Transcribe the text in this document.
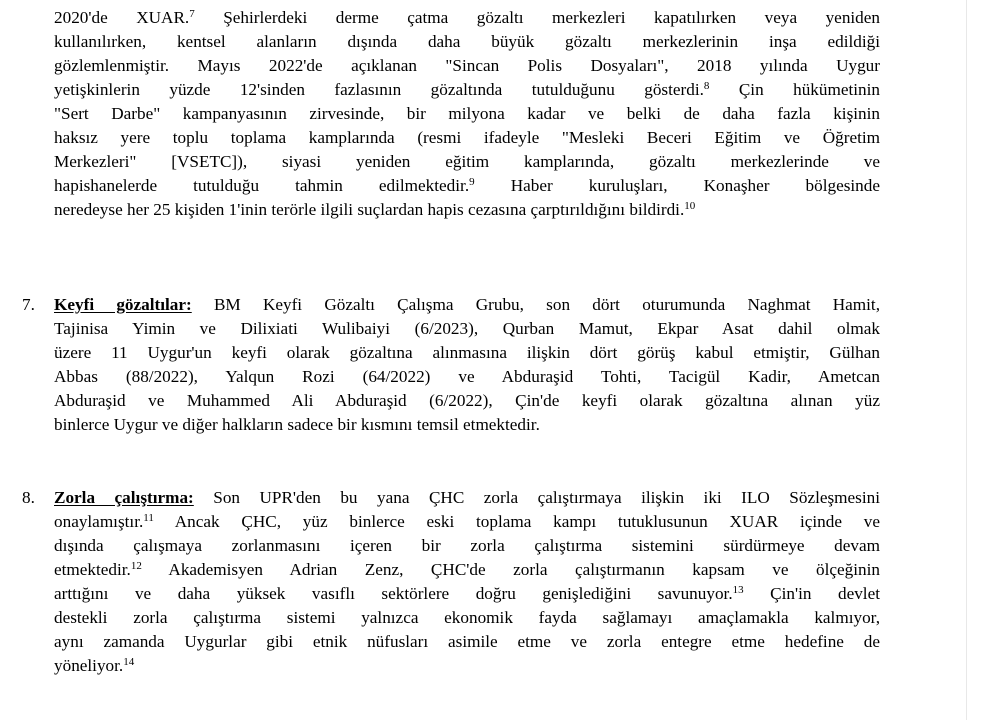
2020'de XUAR.$^7$ Şehirlerdeki derme çatma gözaltı merkezleri kapatılırken veya yeniden
kullanılırken, kentsel alanların dışında daha büyük gözaltı merkezlerinin inşa edildiği
gözlemlenmiştir. Mayıs 2022'de açıklanan "Sincan Polis Dosyaları", 2018 yılında Uygur
yetişkinlerin yüzde 12'sinden fazlasının gözaltında tutulduğunu gösterdi.$^8$ Çin hükümetinin
"Sert Darbe" kampanyasının zirvesinde, bir milyona kadar ve belki de daha fazla kişinin
haksız yere toplu toplama kamplarında (resmi ifadeyle "Mesleki Beceri Eğitim ve Öğretim
Merkezleri" [VSETC]), siyasi yeniden eğitim kamplarında, gözaltı merkezlerinde ve
hapishanelerde tutulduğu tahmin edilmektedir.$^9$ Haber kuruluşları, Konaşher bölgesinde
neredeyse her 25 kişiden 1'inin terörle ilgili suçlardan hapis cezasına çarptırıldığını bildirdi.$^{10}$
7.	Keyfi gözaltılar: BM Keyfi Gözaltı Çalışma Grubu, son dört oturumunda Naghmat Hamit,
Tajinisa Yimin ve Dilixiati Wulibaiyi (6/2023), Qurban Mamut, Ekpar Asat dahil olmak
üzere 11 Uygur'un keyfi olarak gözaltına alınmasına ilişkin dört görüş kabul etmiştir, Gülhan
Abbas (88/2022), Yalqun Rozi (64/2022) ve Abduraşid Tohti, Tacigül Kadir, Ametcan
Abduraşid ve Muhammed Ali Abduraşid (6/2022), Çin'de keyfi olarak gözaltına alınan yüz
binlerce Uygur ve diğer halkların sadece bir kısmını temsil etmektedir.
8.	Zorla çalıştırma: Son UPR'den bu yana ÇHC zorla çalıştırmaya ilişkin iki ILO Sözleşmesini
onaylamıştır.$^{11}$ Ancak ÇHC, yüz binlerce eski toplama kampı tutuklusunun XUAR içinde ve
dışında çalışmaya zorlanmasını içeren bir zorla çalıştırma sistemini sürdürmeye devam
etmektedir.$^{12}$ Akademisyen Adrian Zenz, ÇHC'de zorla çalıştırmanın kapsam ve ölçeğinin
arttığını ve daha yüksek vasıflı sektörlere doğru genişlediğini savunuyor.$^{13}$ Çin'in devlet
destekli zorla çalıştırma sistemi yalnızca ekonomik fayda sağlamayı amaçlamakla kalmıyor,
aynı zamanda Uygurlar gibi etnik nüfusları asimile etme ve zorla entegre etme hedefine de
yöneliyor.$^{14}$
